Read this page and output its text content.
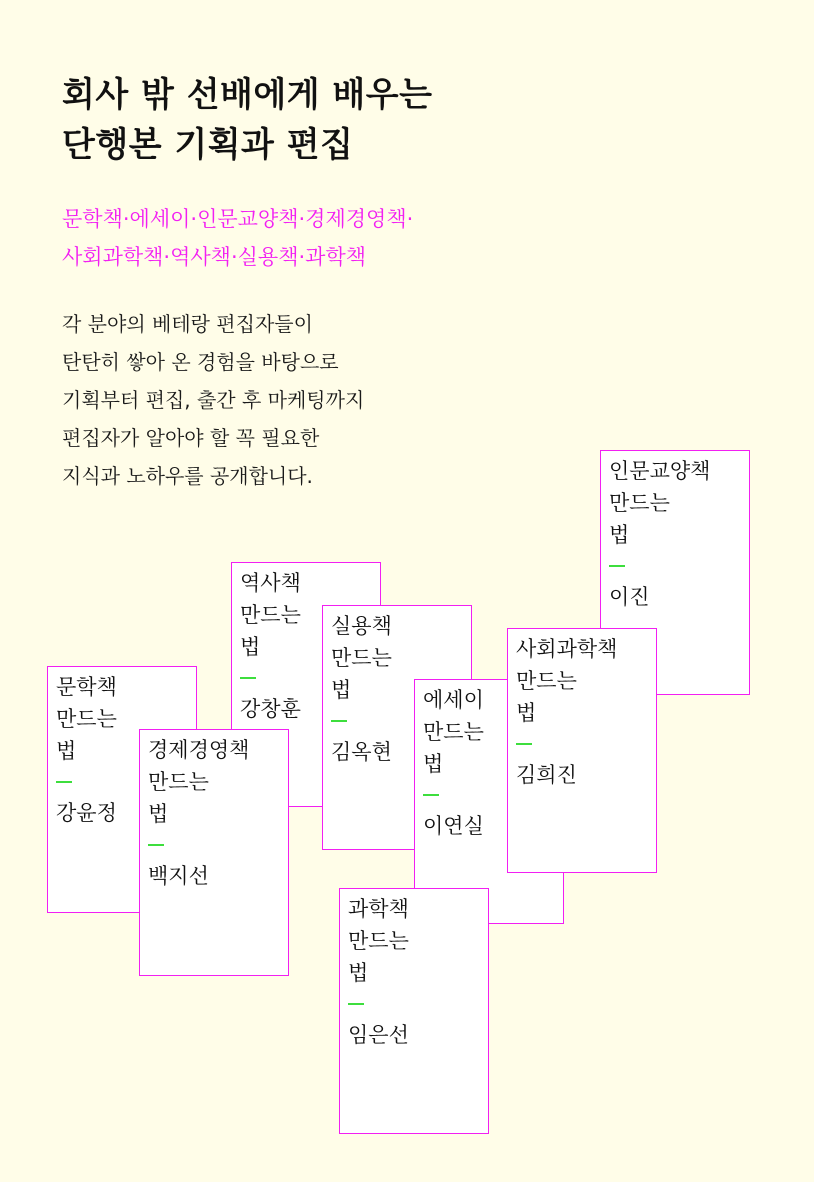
회사 밖 선배에게 배우는
단행본 기획과 편집
문학책·에세이·인문교양책·경제경영책·
사회과학책·역사책·실용책·과학책
각 분야의 베테랑 편집자들이
탄탄히 쌓아 온 경험을 바탕으로
기획부터 편집, 출간 후 마케팅까지
편집자가 알아야 할 꼭 필요한
지식과 노하우를 공개합니다.	인문교양책
만드는
법
이진
역사책
만드는
법
강창훈
실용책
만드는
법
김옥현
에세이
만드는
법
이연실
사회과학책
만드는
법
김희진
문학책
만드는
법
강윤정
경제경영책
만드는
법
백지선
과학책
만드는
법
임은선
